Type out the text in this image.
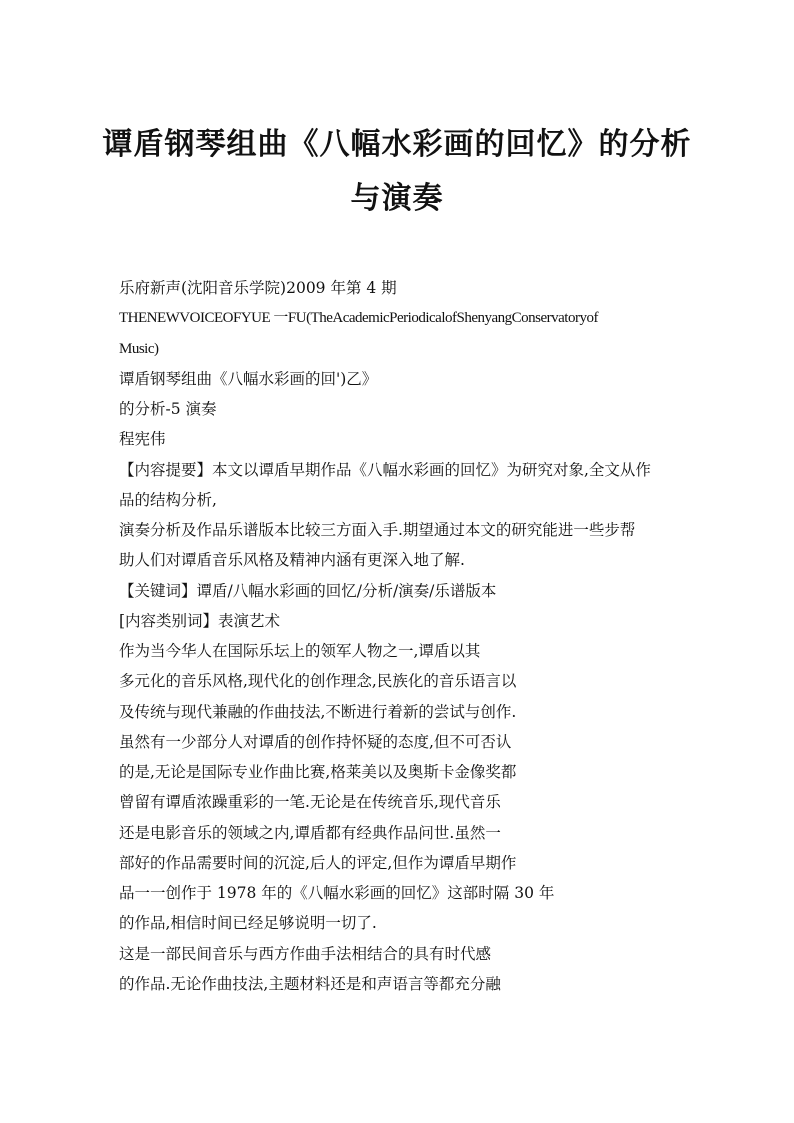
谭盾钢琴组曲《八幅水彩画的回忆》的分析
与演奏
乐府新声(沈阳音乐学院)2009 年第 4 期
THENEWVOICEOFYUE 一FU(TheAcademicPeriodicalofShenyangConservatoryof
Music)
谭盾钢琴组曲《八幅水彩画的回')乙》
的分析-5 演奏
程宪伟
【内容提要】本文以谭盾早期作品《八幅水彩画的回忆》为研究对象,全文从作
品的结构分析,
演奏分析及作品乐谱版本比较三方面入手.期望通过本文的研究能进一些步帮
助人们对谭盾音乐风格及精神内涵有更深入地了解.
【关键词】谭盾/八幅水彩画的回忆/分析/演奏/乐谱版本
[内容类别词】表演艺术
作为当今华人在国际乐坛上的领军人物之一,谭盾以其
多元化的音乐风格,现代化的创作理念,民族化的音乐语言以
及传统与现代兼融的作曲技法,不断进行着新的尝试与创作.
虽然有一少部分人对谭盾的创作持怀疑的态度,但不可否认
的是,无论是国际专业作曲比赛,格莱美以及奥斯卡金像奖都
曾留有谭盾浓躁重彩的一笔.无论是在传统音乐,现代音乐
还是电影音乐的领域之内,谭盾都有经典作品问世.虽然一
部好的作品需要时间的沉淀,后人的评定,但作为谭盾早期作
品一一创作于 1978 年的《八幅水彩画的回忆》这部时隔 30 年
的作品,相信时间已经足够说明一切了.
这是一部民间音乐与西方作曲手法相结合的具有时代感
的作品.无论作曲技法,主题材料还是和声语言等都充分融
